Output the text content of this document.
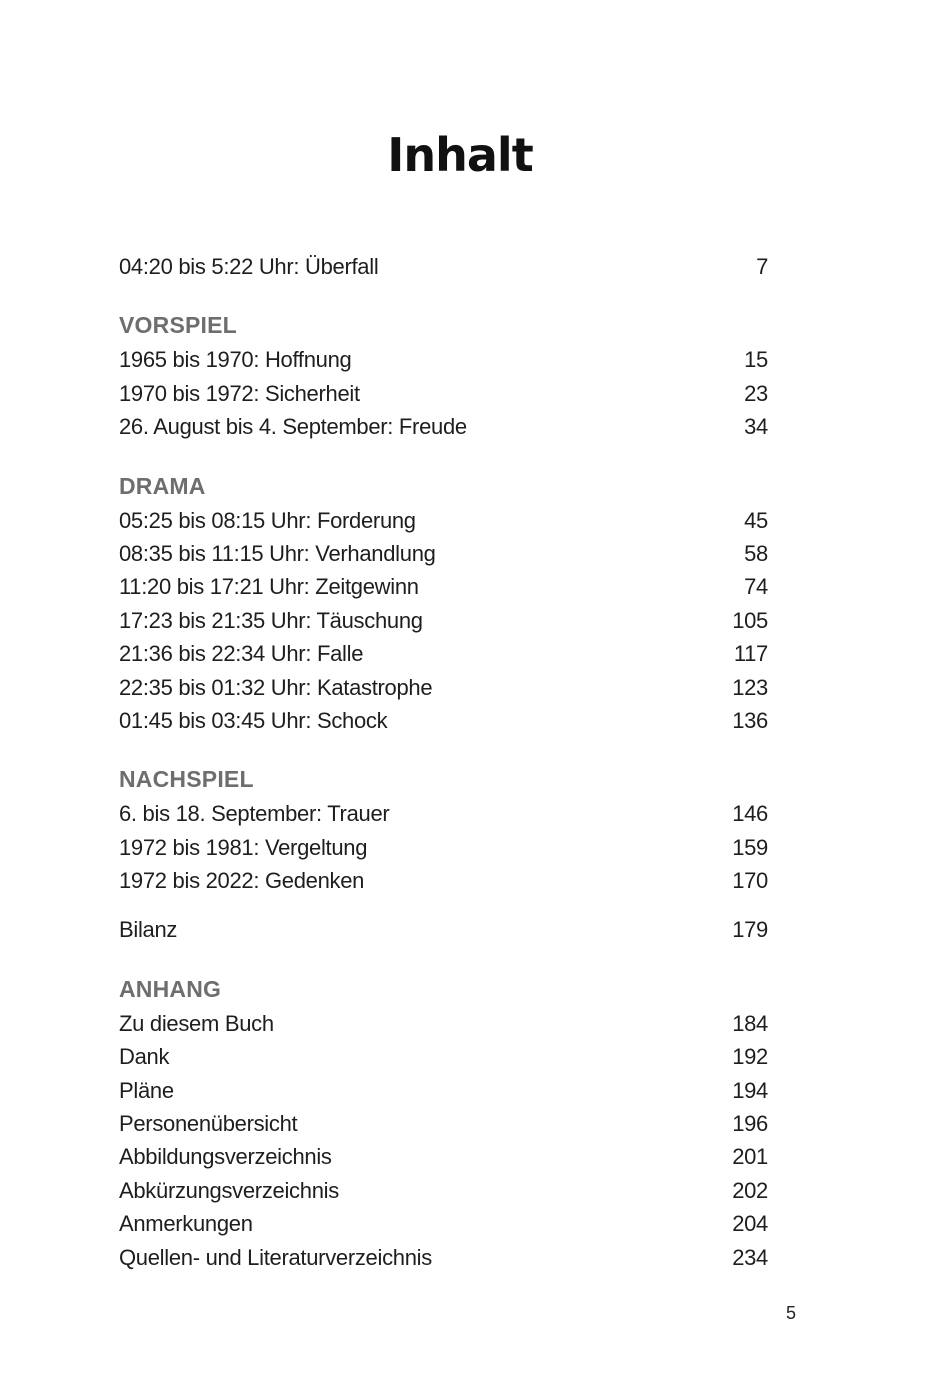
Inhalt
04:20 bis 5:22 Uhr: Überfall	7
VORSPIEL
1965 bis 1970: Hoffnung	15
1970 bis 1972: Sicherheit	23
26. August bis 4. September: Freude	34
DRAMA
05:25 bis 08:15 Uhr: Forderung	45
08:35 bis 11:15 Uhr: Verhandlung	58
11:20 bis 17:21 Uhr: Zeitgewinn	74
17:23 bis 21:35 Uhr: Täuschung	105
21:36 bis 22:34 Uhr: Falle	117
22:35 bis 01:32 Uhr: Katastrophe	123
01:45 bis 03:45 Uhr: Schock	136
NACHSPIEL
6. bis 18. September: Trauer	146
1972 bis 1981: Vergeltung	159
1972 bis 2022: Gedenken	170
Bilanz	179
ANHANG
Zu diesem Buch	184
Dank	192
Pläne	194
Personenübersicht	196
Abbildungsverzeichnis	201
Abkürzungsverzeichnis	202
Anmerkungen	204
Quellen- und Literaturverzeichnis	234
5
